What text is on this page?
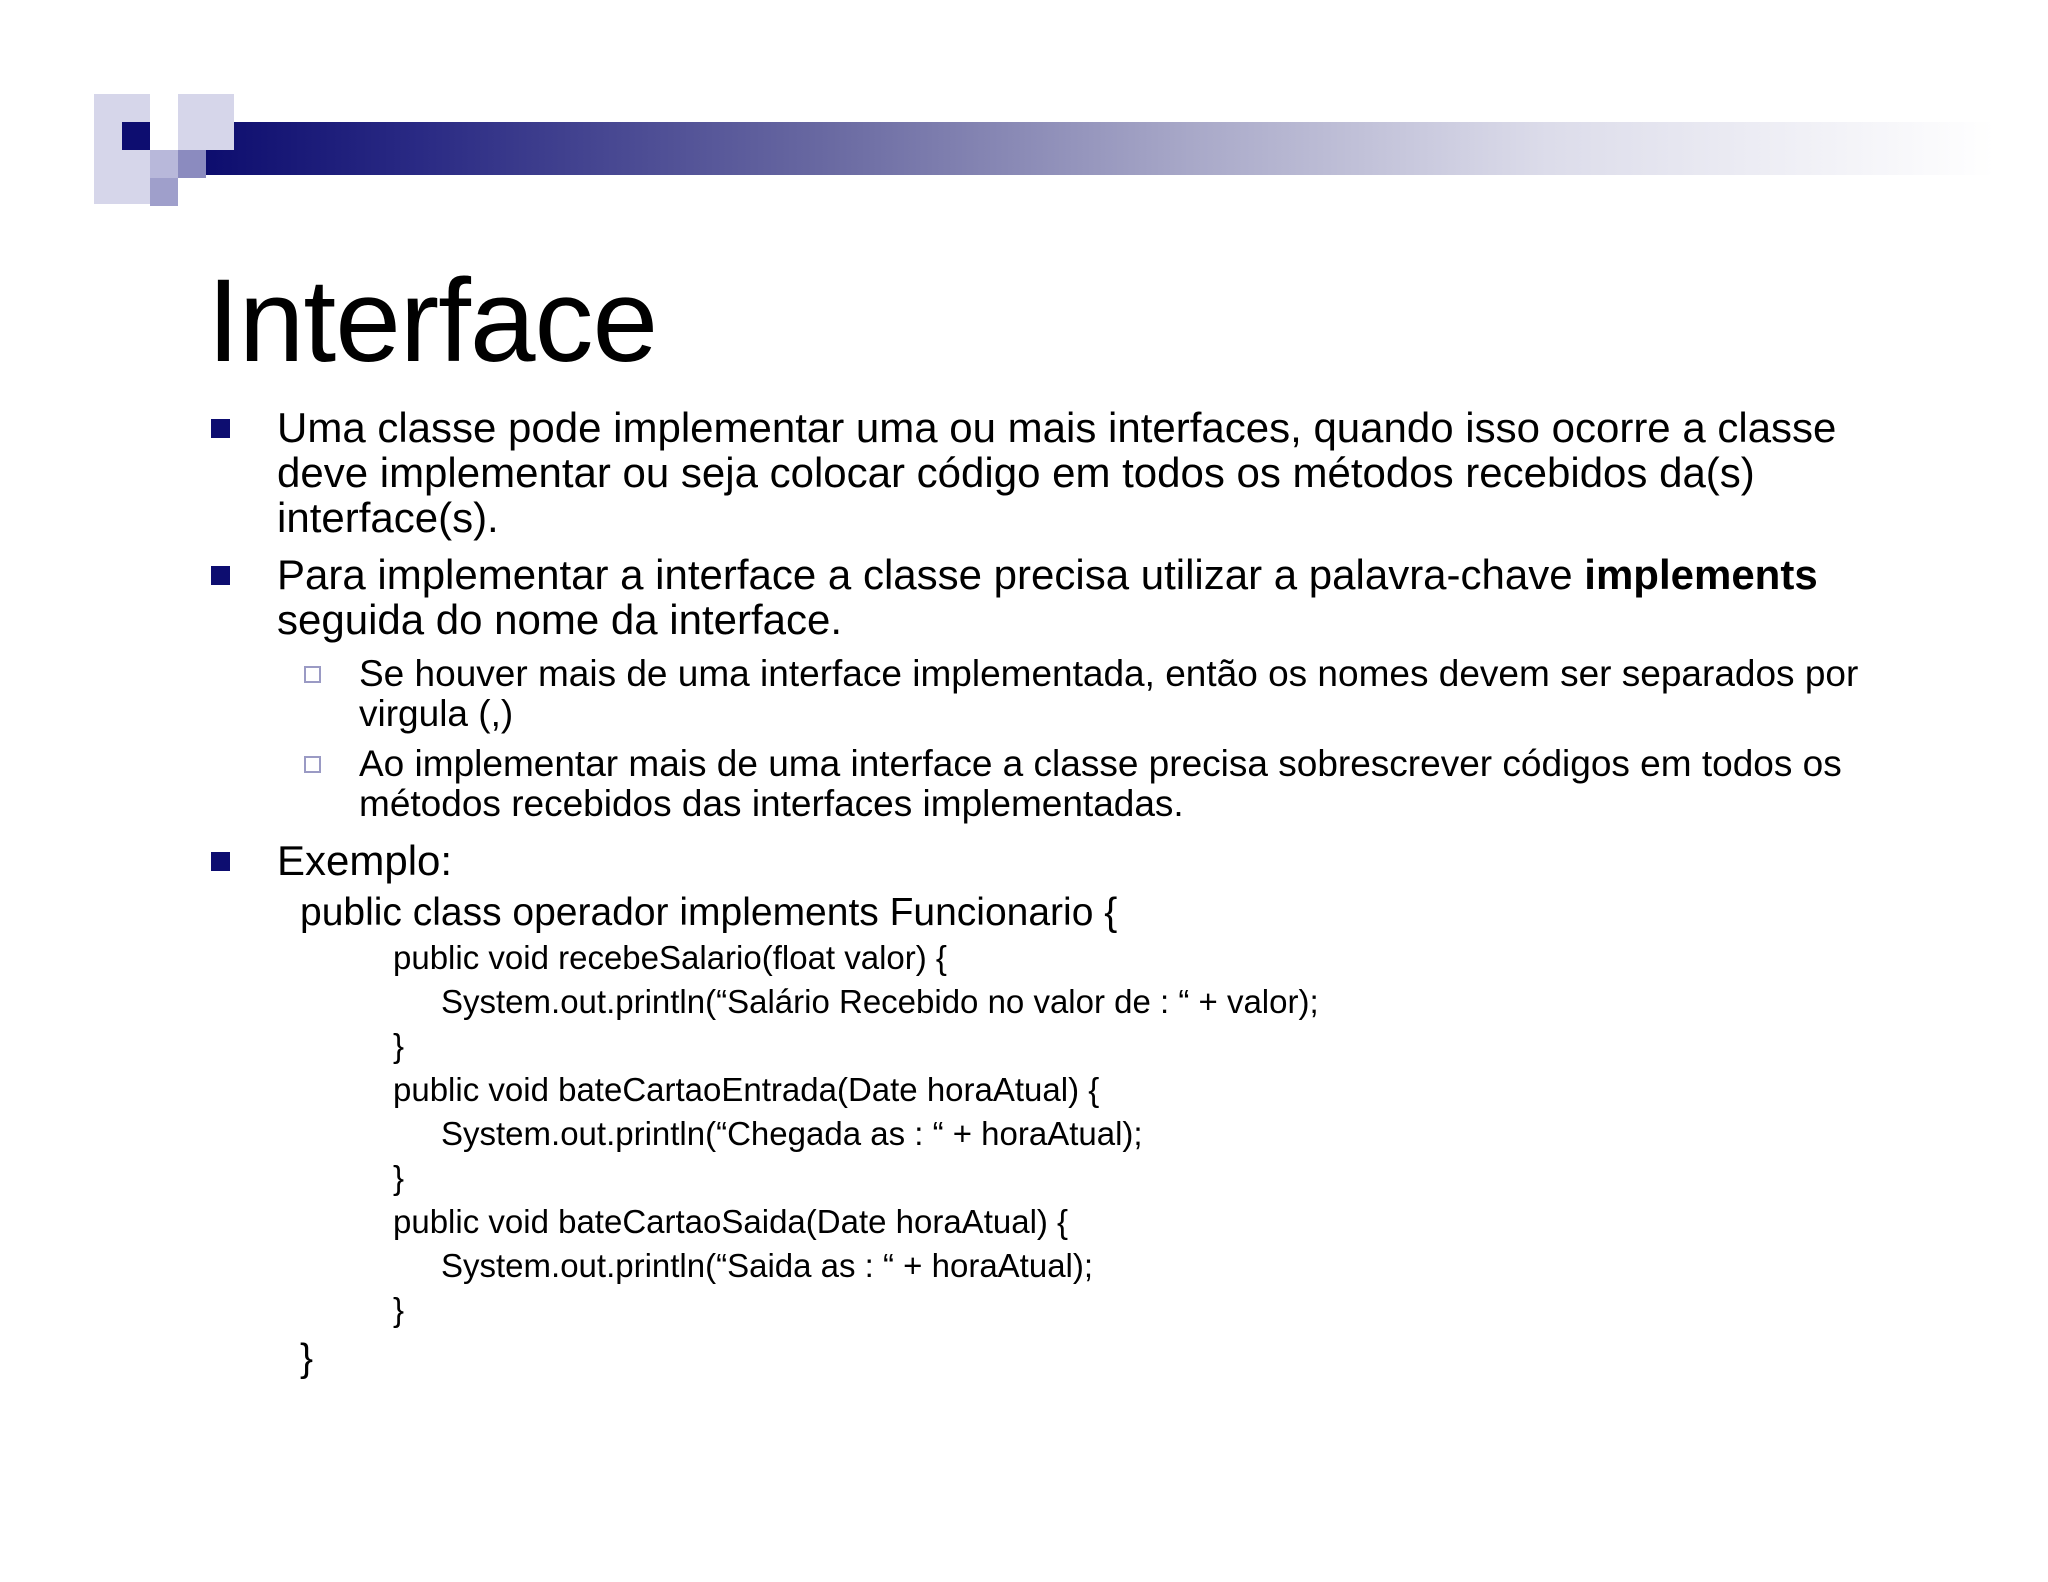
Interface
Uma classe pode implementar uma ou mais interfaces, quando isso ocorre a classe deve implementar ou seja colocar código em todos os métodos recebidos da(s) interface(s).
Para implementar a interface a classe precisa utilizar a palavra-chave implements seguida do nome da interface.
Se houver mais de uma interface implementada, então os nomes devem ser separados por virgula (,)
Ao implementar mais de uma interface a classe precisa sobrescrever códigos em todos os métodos recebidos das interfaces implementadas.
Exemplo:
public class operador implements Funcionario {
public void recebeSalario(float valor) {
System.out.println(“Salário Recebido no valor de : “ + valor);
}
public void bateCartaoEntrada(Date horaAtual) {
System.out.println(“Chegada as : “ + horaAtual);
}
public void bateCartaoSaida(Date horaAtual) {
System.out.println(“Saida as : “ + horaAtual);
}
}
